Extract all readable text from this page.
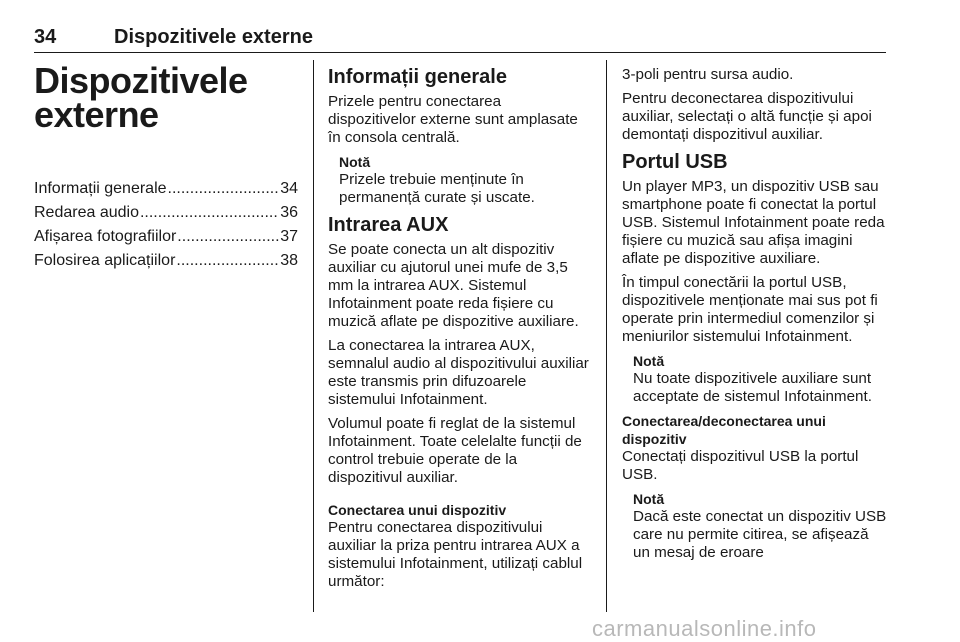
34	Dispozitivele externe
Dispozitivele externe
Informații generale .....	34
Redarea audio .....	36
Afișarea fotografiilor .....	37
Folosirea aplicațiilor .....	38
Informații generale

Prizele pentru conectarea dispozitivelor externe sunt amplasate în consola centrală.

Notă
Prizele trebuie menținute în permanență curate și uscate.
Intrarea AUX

Se poate conecta un alt dispozitiv auxiliar cu ajutorul unei mufe de 3,5 mm la intrarea AUX. Sistemul Infotainment poate reda fișiere cu muzică aflate pe dispozitive auxiliare.

La conectarea la intrarea AUX, semnalul audio al dispozitivului auxiliar este transmis prin difuzoarele sistemului Infotainment.

Volumul poate fi reglat de la sistemul Infotainment. Toate celelalte funcții de control trebuie operate de la dispozitivul auxiliar.

Conectarea unui dispozitiv

Pentru conectarea dispozitivului auxiliar la priza pentru intrarea AUX a sistemului Infotainment, utilizați cablul următor:

3-poli pentru sursa audio.

Pentru deconectarea dispozitivului auxiliar, selectați o altă funcție și apoi demontați dispozitivul auxiliar.

Portul USB

Un player MP3, un dispozitiv USB sau smartphone poate fi conectat la portul USB. Sistemul Infotainment poate reda fișiere cu muzică sau afișa imagini aflate pe dispozitive auxiliare.

În timpul conectării la portul USB, dispozitivele menționate mai sus pot fi operate prin intermediul comenzilor și meniurilor sistemului Infotainment.

Notă
Nu toate dispozitivele auxiliare sunt acceptate de sistemul Infotainment.
Conectarea/deconectarea unui dispozitiv

Conectați dispozitivul USB la portul USB.

Notă
Dacă este conectat un dispozitiv USB care nu permite citirea, se afișează un mesaj de eroare
carmanualsonline.info
